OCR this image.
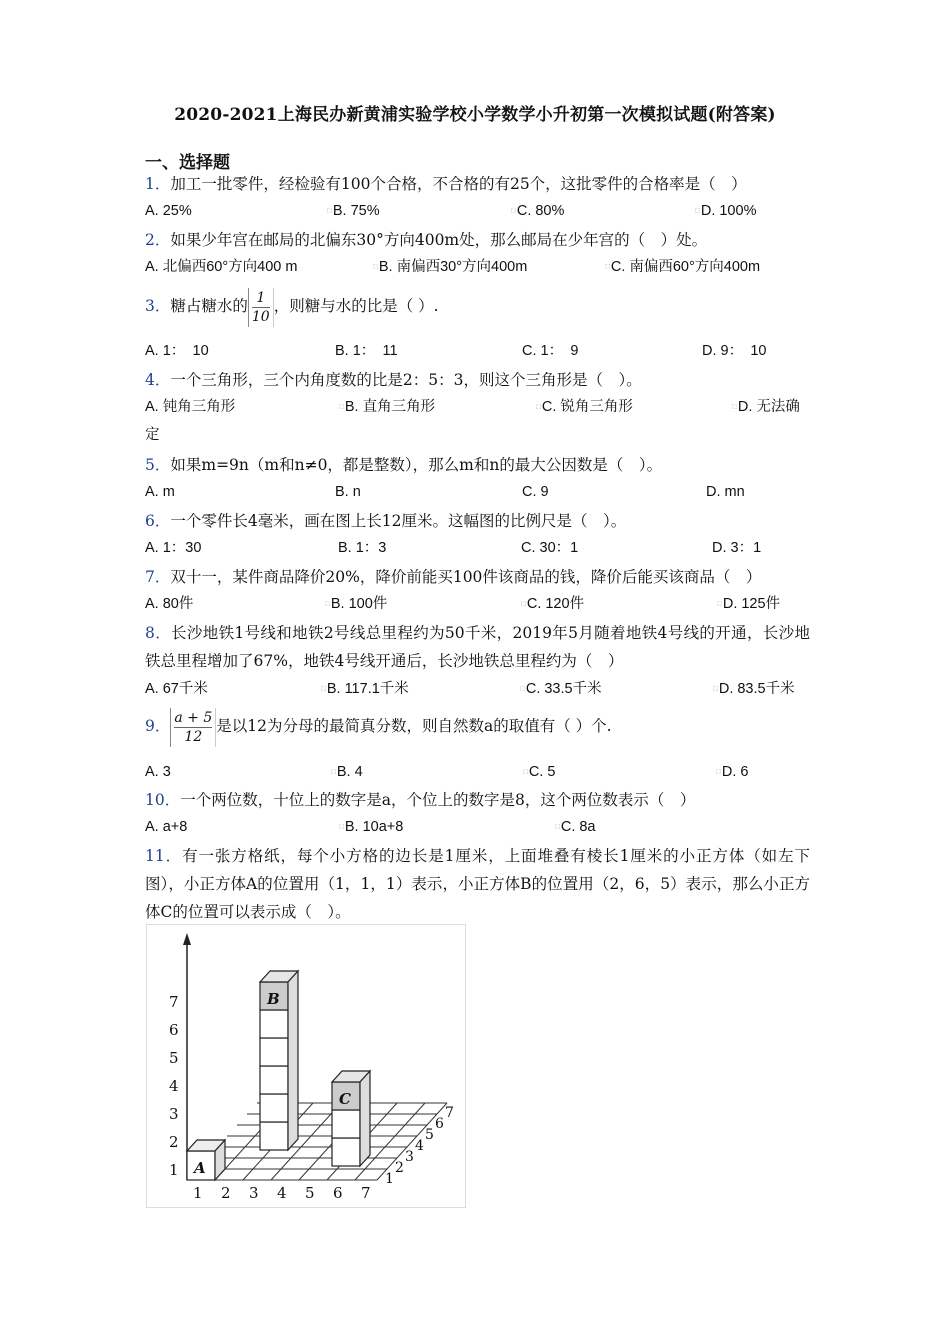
2020-2021上海民办新黄浦实验学校小学数学小升初第一次模拟试题(附答案)
一、选择题
1．加工一批零件，经检验有100个合格，不合格的有25个，这批零件的合格率是（　）
A. 25%	□B. 75%	□C. 80%	□D. 100%
2．如果少年宫在邮局的北偏东30°方向400m处，那么邮局在少年宫的（　）处。
A. 北偏西60°方向400 m	□B. 南偏西30°方向400m	□C. 南偏西60°方向400m
3．糖占糖水的 $\frac{1}{10}$ ，则糖与水的比是（ ）.
A. 1：　10	B. 1：　11	C. 1：　9	D. 9：　10
4．一个三角形，三个内角度数的比是2：5：3，则这个三角形是（　）。
A. 钝角三角形	□B. 直角三角形	□C. 锐角三角形	□D. 无法确
定
5．如果m=9n（m和n≠0，都是整数），那么m和n的最大公因数是（　）。
A. m	B. n	C. 9	D. mn
6．一个零件长4毫米，画在图上长12厘米。这幅图的比例尺是（　）。
A. 1：30	B. 1：3	C. 30：1	D. 3：1
7．双十一，某件商品降价20%，降价前能买100件该商品的钱，降价后能买该商品（　）
A. 80件	□B. 100件	□C. 120件	□D. 125件
8．长沙地铁1号线和地铁2号线总里程约为50千米，2019年5月随着地铁4号线的开通，长沙地铁总里程增加了67%，地铁4号线开通后，长沙地铁总里程约为（　）
A. 67千米	□B. 117.1千米	□C. 33.5千米	□D. 83.5千米
9． $\frac{a + 5}{12}$ 是以12为分母的最简真分数，则自然数a的取值有（ ）个.
A. 3	□B. 4	□C. 5	□D. 6
10．一个两位数，十位上的数字是a，个位上的数字是8，这个两位数表示（　）
A. a+8	□B. 10a+8	□C. 8a
11．有一张方格纸，每个小方格的边长是1厘米，上面堆叠有棱长1厘米的小正方体（如左下图），小正方体A的位置用（1，1，1）表示，小正方体B的位置用（2，6，5）表示，那么小正方体C的位置可以表示成（　）。
A
B
C
1
2
3
4
5
6
7
1 2 3 4 5 6 7
1
2
3
4
5
6
7
